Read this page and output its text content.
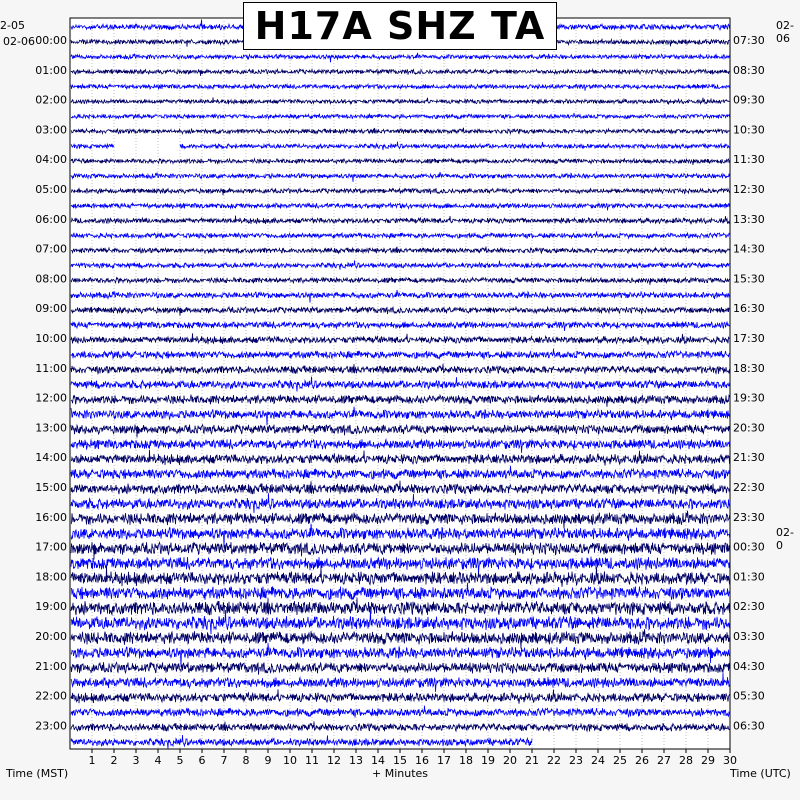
1 2 3 4 5 6 7 8 9 10 11 12 13 14 15 16 17 18 19 20 21 22 23 24 25 26 27 28 29 30
00:00
01:00
02:00
03:00
04:00
05:00
06:00
07:00
08:00
09:00
10:00
11:00
12:00
13:00
14:00
15:00
16:00
17:00
18:00
19:00
20:00
21:00
22:00
23:00
07:30
08:30
09:30
10:30
11:30
12:30
13:30
14:30
15:30
16:30
17:30
18:30
19:30
20:30
21:30
22:30
23:30
00:30
01:30
02:30
03:30
04:30
05:30
06:30
H17A SHZ TA
2-05
02-06
02-06
02-0
Time (MST)	+ Minutes	Time (UTC)
